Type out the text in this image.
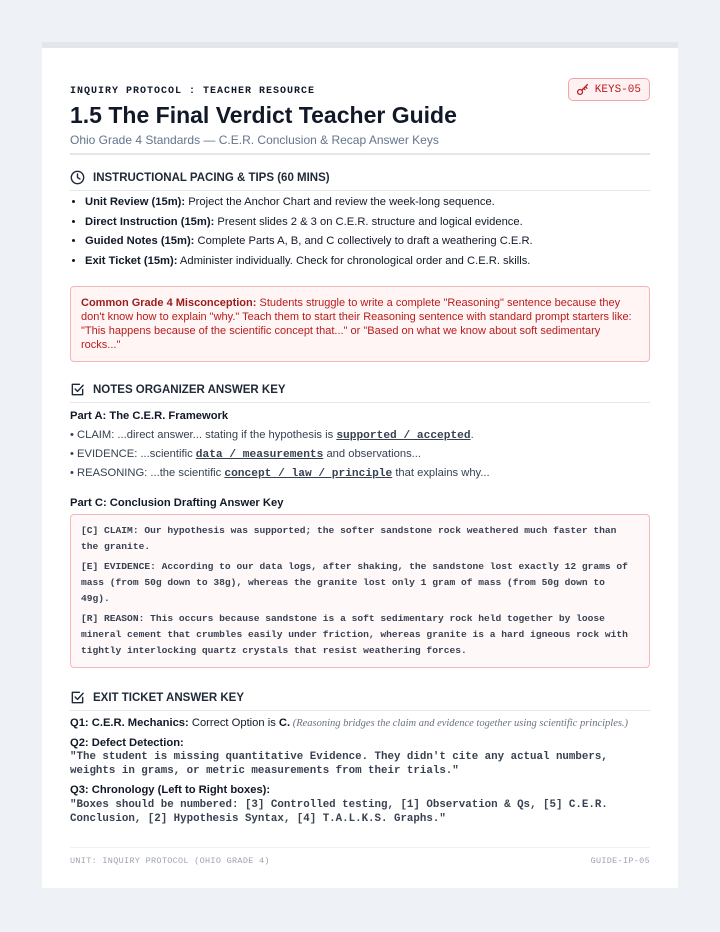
INQUIRY PROTOCOL : TEACHER RESOURCE	KEYS-05
1.5 The Final Verdict Teacher Guide
Ohio Grade 4 Standards — C.E.R. Conclusion & Recap Answer Keys
INSTRUCTIONAL PACING & TIPS (60 MINS)
• Unit Review (15m): Project the Anchor Chart and review the week-long sequence.
• Direct Instruction (15m): Present slides 2 & 3 on C.E.R. structure and logical evidence.
• Guided Notes (15m): Complete Parts A, B, and C collectively to draft a weathering C.E.R.
• Exit Ticket (15m): Administer individually. Check for chronological order and C.E.R. skills.
Common Grade 4 Misconception: Students struggle to write a complete "Reasoning" sentence because they don't know how to explain "why." Teach them to start their Reasoning sentence with standard prompt starters like: "This happens because of the scientific concept that..." or "Based on what we know about soft sedimentary rocks..."
NOTES ORGANIZER ANSWER KEY
Part A: The C.E.R. Framework
• CLAIM: ...direct answer... stating if the hypothesis is supported / accepted.
• EVIDENCE: ...scientific data / measurements and observations...
• REASONING: ...the scientific concept / law / principle that explains why...
Part C: Conclusion Drafting Answer Key

[C] CLAIM: Our hypothesis was supported; the softer sandstone rock weathered much faster than the granite.

[E] EVIDENCE: According to our data logs, after shaking, the sandstone lost exactly 12 grams of mass (from 50g down to 38g), whereas the granite lost only 1 gram of mass (from 50g down to 49g).

[R] REASON: This occurs because sandstone is a soft sedimentary rock held together by loose mineral cement that crumbles easily under friction, whereas granite is a hard igneous rock with tightly interlocking quartz crystals that resist weathering forces.

EXIT TICKET ANSWER KEY
Q1: C.E.R. Mechanics: Correct Option is C. (Reasoning bridges the claim and evidence together using scientific principles.)
Q2: Defect Detection:
"The student is missing quantitative Evidence. They didn't cite any actual numbers, weights in grams, or metric measurements from their trials."
Q3: Chronology (Left to Right boxes):
"Boxes should be numbered: [3] Controlled testing, [1] Observation & Qs, [5] C.E.R. Conclusion, [2] Hypothesis Syntax, [4] T.A.L.K.S. Graphs."
UNIT: INQUIRY PROTOCOL (OHIO GRADE 4)	GUIDE-IP-05
